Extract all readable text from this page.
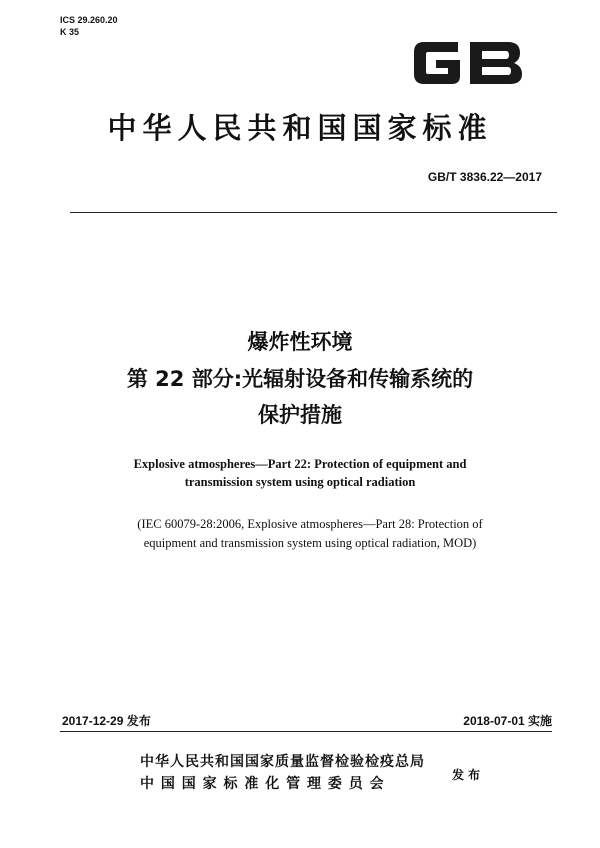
ICS 29.260.20
K 35
中华人民共和国国家标准
GB/T 3836.22—2017
爆炸性环境
第 22 部分:光辐射设备和传输系统的
保护措施
Explosive atmospheres—Part 22: Protection of equipment and
transmission system using optical radiation
(IEC 60079-28:2006, Explosive atmospheres—Part 28: Protection of
equipment and transmission system using optical radiation, MOD)
2017-12-29 发布	2018-07-01 实施
中华人民共和国国家质量监督检验检疫总局
中 国 国 家 标 准 化 管 理 委 员 会
发布
